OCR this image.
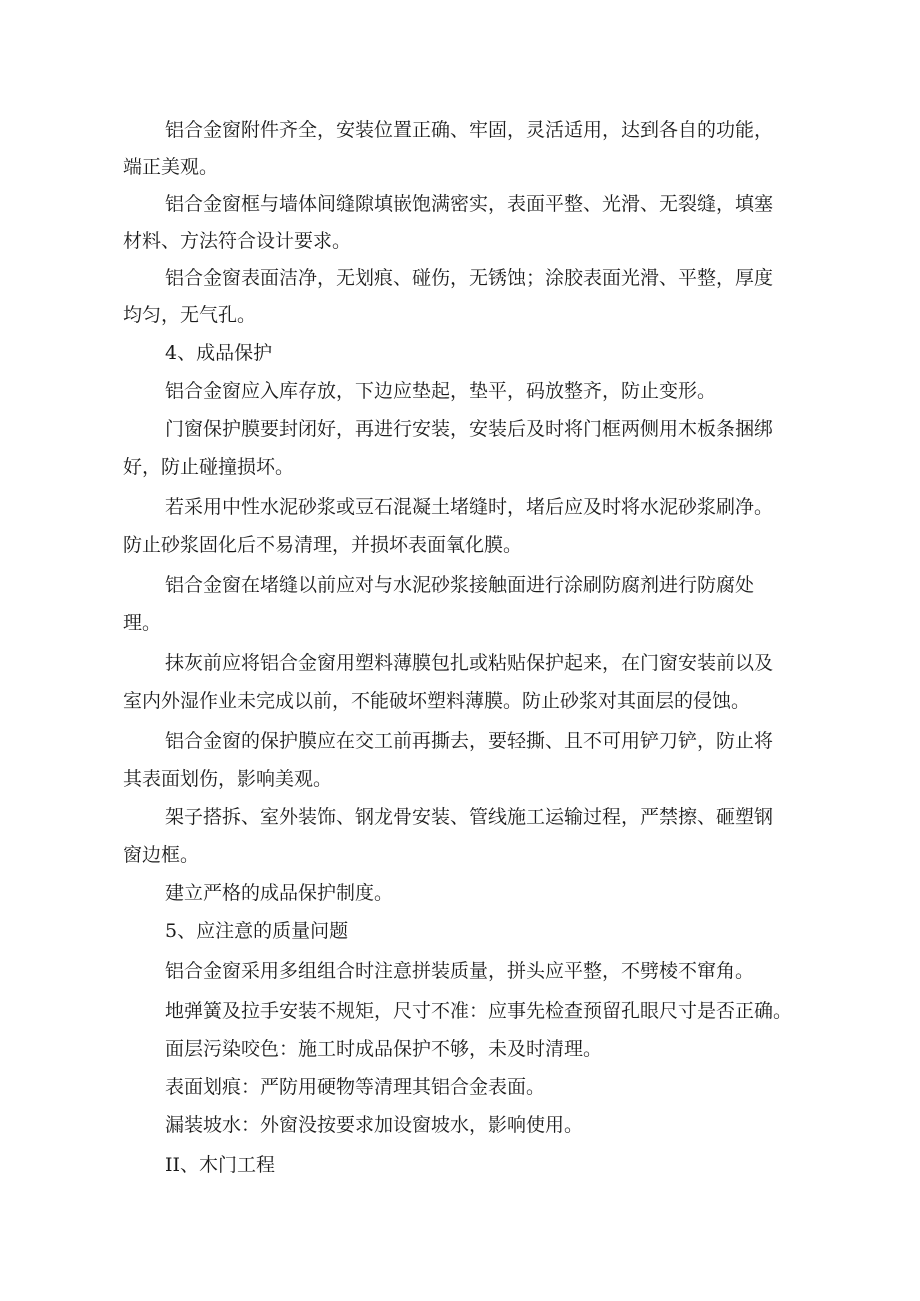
铝合金窗附件齐全，安装位置正确、牢固，灵活适用，达到各自的功能，

端正美观。

铝合金窗框与墙体间缝隙填嵌饱满密实，表面平整、光滑、无裂缝，填塞

材料、方法符合设计要求。

铝合金窗表面洁净，无划痕、碰伤，无锈蚀；涂胶表面光滑、平整，厚度

均匀，无气孔。

4、成品保护

铝合金窗应入库存放，下边应垫起，垫平，码放整齐，防止变形。

门窗保护膜要封闭好，再进行安装，安装后及时将门框两侧用木板条捆绑

好，防止碰撞损坏。

若采用中性水泥砂浆或豆石混凝土堵缝时，堵后应及时将水泥砂浆刷净。

防止砂浆固化后不易清理，并损坏表面氧化膜。

铝合金窗在堵缝以前应对与水泥砂浆接触面进行涂刷防腐剂进行防腐处

理。

抹灰前应将铝合金窗用塑料薄膜包扎或粘贴保护起来，在门窗安装前以及

室内外湿作业未完成以前，不能破坏塑料薄膜。防止砂浆对其面层的侵蚀。

铝合金窗的保护膜应在交工前再撕去，要轻撕、且不可用铲刀铲，防止将

其表面划伤，影响美观。

架子搭拆、室外装饰、钢龙骨安装、管线施工运输过程，严禁擦、砸塑钢

窗边框。

建立严格的成品保护制度。

5、应注意的质量问题

铝合金窗采用多组组合时注意拼装质量，拼头应平整，不劈棱不窜角。

地弹簧及拉手安装不规矩，尺寸不准：应事先检查预留孔眼尺寸是否正确。

面层污染咬色：施工时成品保护不够，未及时清理。

表面划痕：严防用硬物等清理其铝合金表面。

漏装坡水：外窗没按要求加设窗坡水，影响使用。

II、木门工程
